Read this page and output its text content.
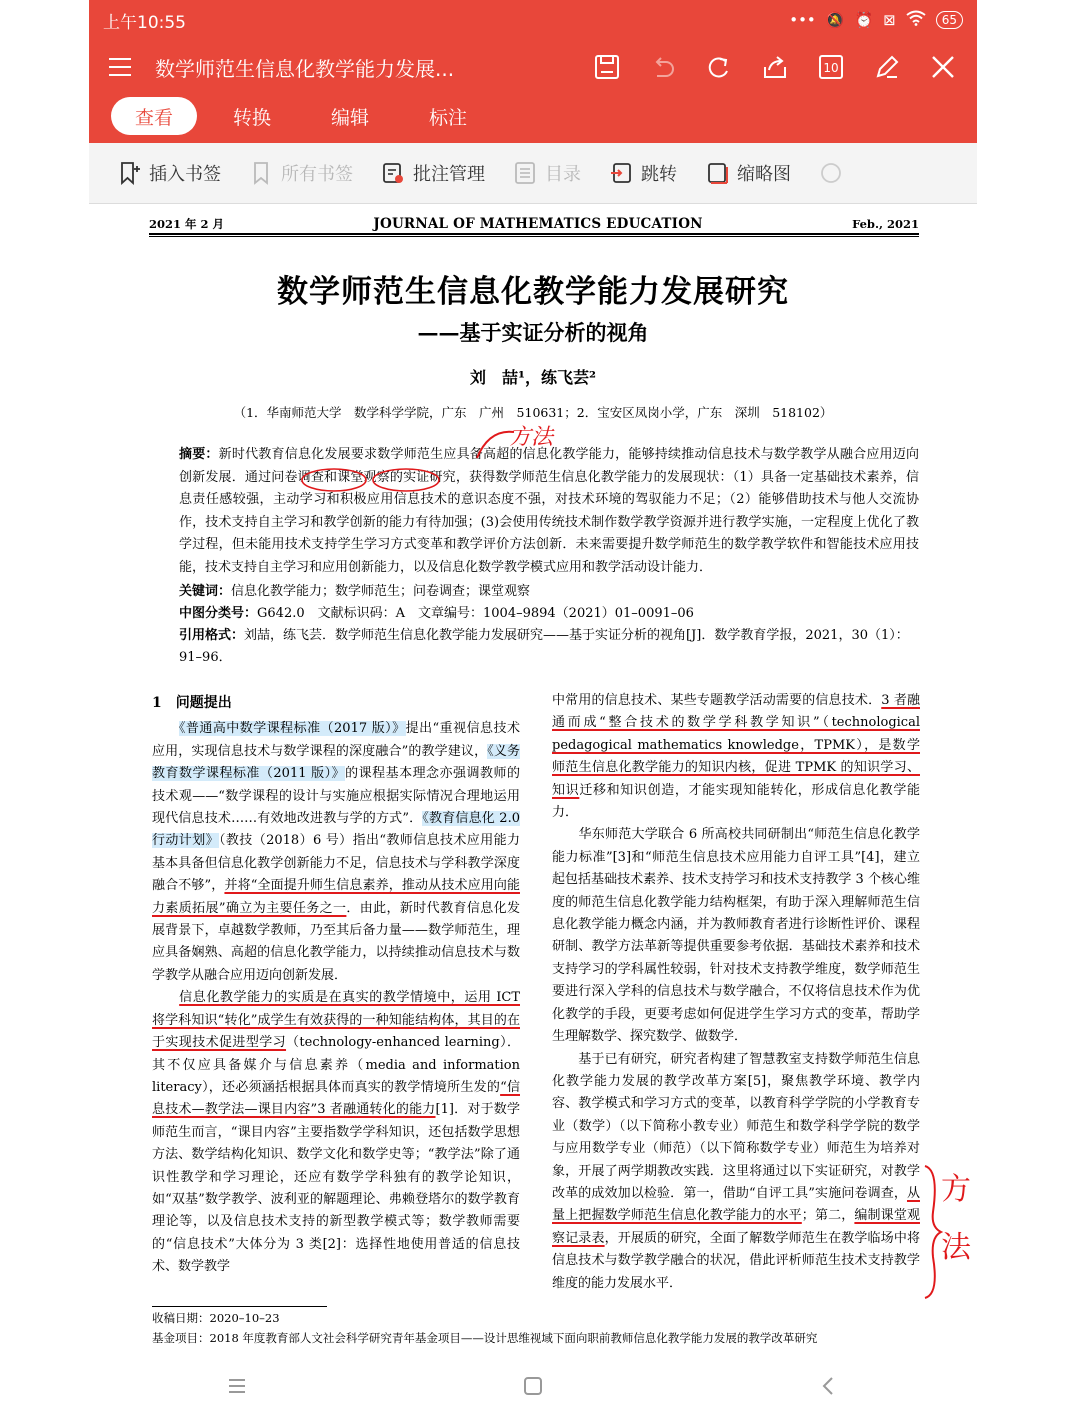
上午10:55	••• 🔕 ⏰ ⊠	65
数学师范生信息化教学能力发展...	10
查看	转换	编辑	标注
插入书签	所有书签	批注管理	目录	跳转	缩略图
2021 年 2 月	JOURNAL OF MATHEMATICS EDUCATION	Feb., 2021
数学师范生信息化教学能力发展研究
——基于实证分析的视角
刘　喆¹，练飞芸²
（1．华南师范大学　数学科学学院，广东　广州　510631；2．宝安区凤岗小学，广东　深圳　518102）
摘要：新时代教育信息化发展要求数学师范生应具备高超的信息化教学能力，能够持续推动信息技术与数学教学从融合应用迈向创新发展．通过问卷调查和课堂观察的实证研究，获得数学师范生信息化教学能力的发展现状：（1）具备一定基础技术素养，信息责任感较强，主动学习和积极应用信息技术的意识态度不强，对技术环境的驾驭能力不足；（2）能够借助技术与他人交流协作，技术支持自主学习和教学创新的能力有待加强；(3)会使用传统技术制作数学教学资源并进行教学实施，一定程度上优化了教学过程，但未能用技术支持学生学习方式变革和教学评价方法创新．未来需要提升数学师范生的数学教学软件和智能技术应用技能，技术支持自主学习和应用创新能力，以及信息化数学教学模式应用和教学活动设计能力．
关键词：信息化教学能力；数学师范生；问卷调查；课堂观察
中图分类号：G642.0　文献标识码：A　文章编号：1004–9894（2021）01–0091–06
引用格式：刘喆，练飞芸．数学师范生信息化教学能力发展研究——基于实证分析的视角[J]．数学教育学报，2021，30（1）：91–96．
1　问题提出

　　《普通高中数学课程标准（2017 版）》提出“重视信息技术应用，实现信息技术与数学课程的深度融合”的教学建议，《义务教育数学课程标准（2011 版）》的课程基本理念亦强调教师的技术观——“数学课程的设计与实施应根据实际情况合理地运用现代信息技术……有效地改进教与学的方式”．《教育信息化 2.0 行动计划》（教技（2018）6 号）指出“教师信息技术应用能力基本具备但信息化教学创新能力不足，信息技术与学科教学深度融合不够”，并将“全面提升师生信息素养，推动从技术应用向能力素质拓展”确立为主要任务之一．由此，新时代教育信息化发展背景下，卓越数学教师，乃至其后备力量——数学师范生，理应具备娴熟、高超的信息化教学能力，以持续推动信息技术与数学教学从融合应用迈向创新发展．

　　信息化教学能力的实质是在真实的教学情境中，运用 ICT 将学科知识“转化”成学生有效获得的一种知能结构体，其目的在于实现技术促进型学习（technology-enhanced learning）．其不仅应具备媒介与信息素养（media and information literacy），还必须涵括根据具体而真实的教学情境所生发的“信息技术—教学法—课目内容”3 者融通转化的能力[1]．对于数学师范生而言，“课目内容”主要指数学学科知识，还包括数学思想方法、数学结构化知识、数学文化和数学史等；“教学法”除了通识性教学和学习理论，还应有数学学科独有的教学论知识，如“双基”数学教学、波利亚的解题理论、弗赖登塔尔的数学教育理论等，以及信息技术支持的新型教学模式等；数学教师需要的“信息技术”大体分为 3 类[2]：选择性地使用普适的信息技术、数学教学

中常用的信息技术、某些专题教学活动需要的信息技术．3 者融通而成“整合技术的数学学科教学知识”（technological pedagogical mathematics knowledge，TPMK），是数学师范生信息化教学能力的知识内核，促进 TPMK 的知识学习、知识迁移和知识创造，才能实现知能转化，形成信息化教学能力．

　　华东师范大学联合 6 所高校共同研制出“师范生信息化教学能力标准”[3]和“师范生信息技术应用能力自评工具”[4]，建立起包括基础技术素养、技术支持学习和技术支持教学 3 个核心维度的师范生信息化教学能力结构框架，有助于深入理解师范生信息化教学能力概念内涵，并为教师教育者进行诊断性评价、课程研制、教学方法革新等提供重要参考依据．基础技术素养和技术支持学习的学科属性较弱，针对技术支持教学维度，数学师范生要进行深入学科的信息技术与数学融合，不仅将信息技术作为优化教学的手段，更要考虑如何促进学生学习方式的变革，帮助学生理解数学、探究数学、做数学．

　　基于已有研究，研究者构建了智慧教室支持数学师范生信息化教学能力发展的教学改革方案[5]，聚焦教学环境、教学内容、教学模式和学习方式的变革，以教育科学学院的小学教育专业（数学）（以下简称小教专业）师范生和数学科学学院的数学与应用数学专业（师范）（以下简称数学专业）师范生为培养对象，开展了两学期教改实践．这里将通过以下实证研究，对教学改革的成效加以检验．第一，借助“自评工具”实施问卷调查，从量上把握数学师范生信息化教学能力的水平；第二，编制课堂观察记录表，开展质的研究，全面了解数学师范生在教学临场中将信息技术与数学教学融合的状况，借此评析师范生技术支持教学维度的能力发展水平．

收稿日期：2020–10–23
基金项目：2018 年度教育部人文社会科学研究青年基金项目——设计思维视域下面向职前教师信息化教学能力发展的教学改革研究
方法
方
法
